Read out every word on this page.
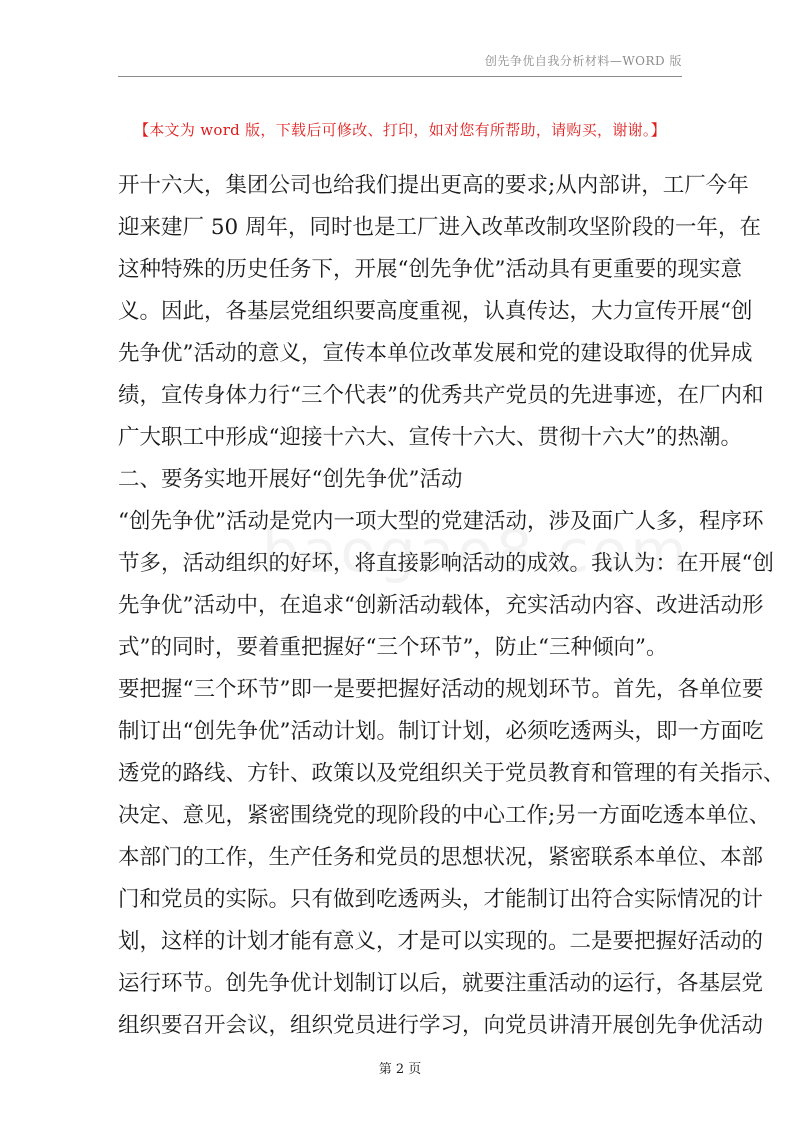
创先争优自我分析材料—WORD 版
【本文为 word 版，下载后可修改、打印，如对您有所帮助，请购买，谢谢。】
开十六大，集团公司也给我们提出更高的要求;从内部讲，工厂今年
迎来建厂 50 周年，同时也是工厂进入改革改制攻坚阶段的一年，在
这种特殊的历史任务下，开展“创先争优”活动具有更重要的现实意
义。因此，各基层党组织要高度重视，认真传达，大力宣传开展“创
先争优”活动的意义，宣传本单位改革发展和党的建设取得的优异成
绩，宣传身体力行“三个代表”的优秀共产党员的先进事迹，在厂内和
广大职工中形成“迎接十六大、宣传十六大、贯彻十六大”的热潮。
二、要务实地开展好“创先争优”活动
“创先争优”活动是党内一项大型的党建活动，涉及面广人多，程序环
节多，活动组织的好坏，将直接影响活动的成效。我认为：在开展“创
先争优”活动中，在追求“创新活动载体，充实活动内容、改进活动形
式”的同时，要着重把握好“三个环节”，防止“三种倾向”。
要把握“三个环节”即一是要把握好活动的规划环节。首先，各单位要
制订出“创先争优”活动计划。制订计划，必须吃透两头，即一方面吃
透党的路线、方针、政策以及党组织关于党员教育和管理的有关指示、
决定、意见，紧密围绕党的现阶段的中心工作;另一方面吃透本单位、
本部门的工作，生产任务和党员的思想状况，紧密联系本单位、本部
门和党员的实际。只有做到吃透两头，才能制订出符合实际情况的计
划，这样的计划才能有意义，才是可以实现的。二是要把握好活动的
运行环节。创先争优计划制订以后，就要注重活动的运行，各基层党
组织要召开会议，组织党员进行学习，向党员讲清开展创先争优活动
第 2 页
